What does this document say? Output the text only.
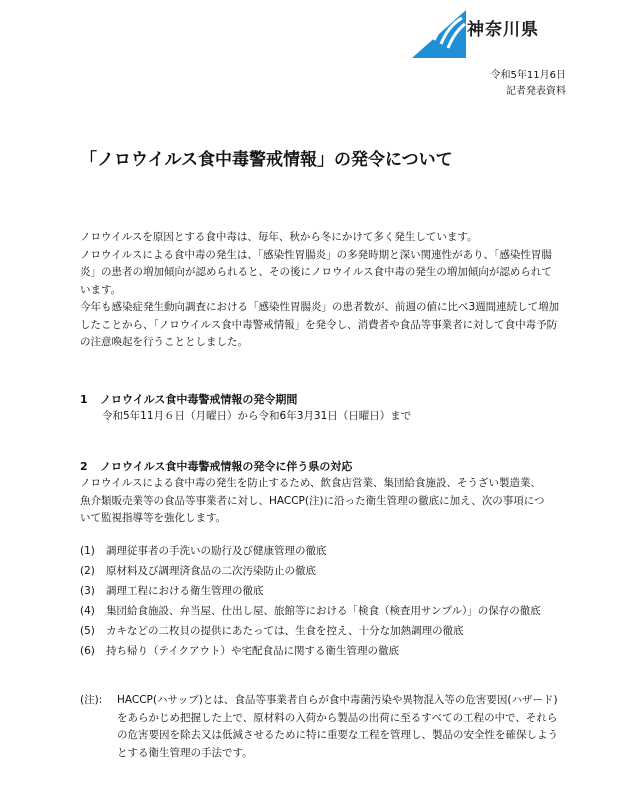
KANAGAWA
神奈川県
令和5年11月6日
記者発表資料
「ノロウイルス食中毒警戒情報」の発令について

ノロウイルスを原因とする食中毒は、毎年、秋から冬にかけて多く発生しています。

ノロウイルスによる食中毒の発生は、「感染性胃腸炎」の多発時期と深い関連性があり、「感染性胃腸炎」の患者の増加傾向が認められると、その後にノロウイルス食中毒の発生の増加傾向が認められています。

今年も感染症発生動向調査における「感染性胃腸炎」の患者数が、前週の値に比べ3週間連続して増加したことから、「ノロウイルス食中毒警戒情報」を発令し、消費者や食品等事業者に対して食中毒予防の注意喚起を行うこととしました。

1 ノロウイルス食中毒警戒情報の発令期間
令和5年11月６日（月曜日）から令和6年3月31日（日曜日）まで
2 ノロウイルス食中毒警戒情報の発令に伴う県の対応

ノロウイルスによる食中毒の発生を防止するため、飲食店営業、集団給食施設、そうざい製造業、魚介類販売業等の食品等事業者に対し、HACCP(注)に沿った衛生管理の徹底に加え、次の事項について監視指導等を強化します。

(1) 調理従事者の手洗いの励行及び健康管理の徹底
(2) 原材料及び調理済食品の二次汚染防止の徹底
(3) 調理工程における衛生管理の徹底
(4) 集団給食施設、弁当屋、仕出し屋、旅館等における「検食（検査用サンプル）」の保存の徹底
(5) カキなどの二枚貝の提供にあたっては、生食を控え、十分な加熱調理の徹底
(6) 持ち帰り（テイクアウト）や宅配食品に関する衛生管理の徹底
(注): HACCP(ハサップ)とは、食品等事業者自らが食中毒菌汚染や異物混入等の危害要因(ハザード)をあらかじめ把握した上で、原材料の入荷から製品の出荷に至るすべての工程の中で、それらの危害要因を除去又は低減させるために特に重要な工程を管理し、製品の安全性を確保しようとする衛生管理の手法です。
